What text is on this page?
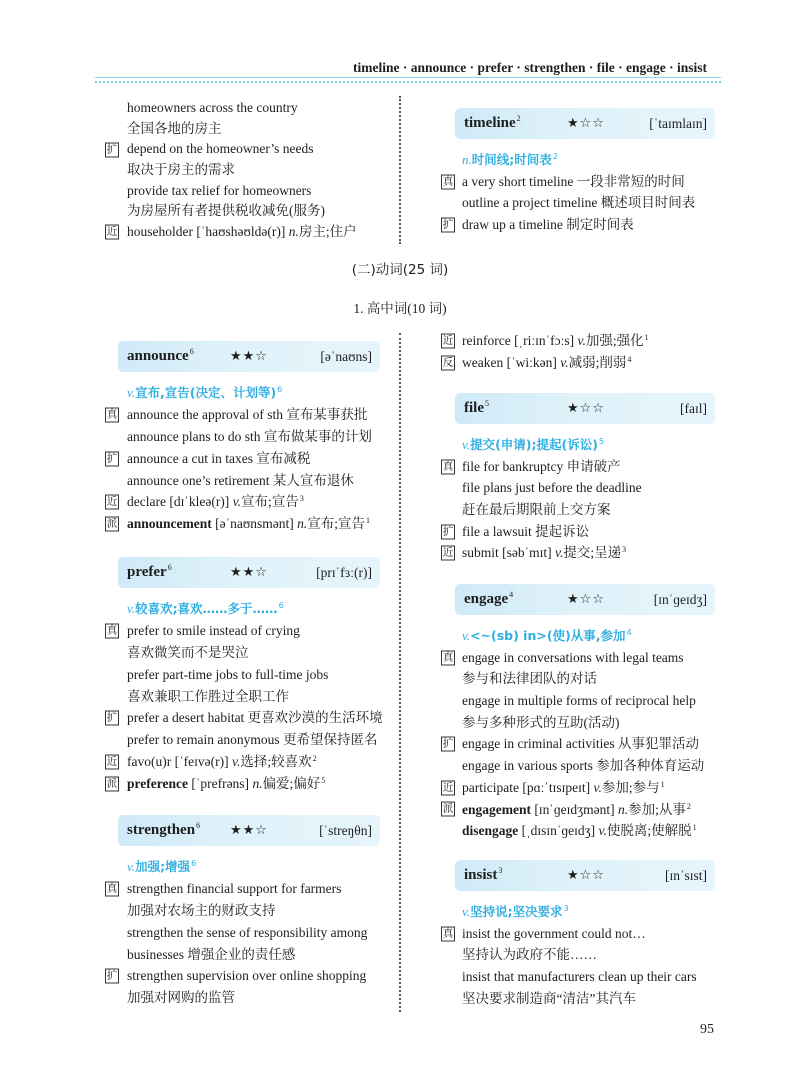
timeline · announce · prefer · strengthen · file · engage · insist
homeowners across the country
全国各地的房主
扩 depend on the homeowner’s needs
取决于房主的需求
provide tax relief for homeowners
为房屋所有者提供税收减免(服务)
近 householder [ˈhaʊshəʊldə(r)] n.房主;住户
timeline$^2$	★☆☆	[ˈtaɪmlaɪn]
n.时间线;时间表$^2$
真 a very short timeline 一段非常短的时间
outline a project timeline 概述项目时间表
扩 draw up a timeline 制定时间表
(二)动词(25 词)
1. 高中词(10 词)
announce$^6$	★★☆	[əˈnaʊns]
v.宣布,宣告(决定、计划等)$^6$
真 announce the approval of sth 宣布某事获批
announce plans to do sth 宣布做某事的计划
扩 announce a cut in taxes 宣布减税
announce one’s retirement 某人宣布退休
近 declare [dɪˈkleə(r)] v.宣布;宣告$^3$
派 announcement [əˈnaʊnsmənt] n.宣布;宣告$^1$
prefer$^6$	★★☆	[prɪˈfɜː(r)]
v.较喜欢;喜欢……多于……$^6$
真 prefer to smile instead of crying
喜欢微笑而不是哭泣
prefer part-time jobs to full-time jobs
喜欢兼职工作胜过全职工作
扩 prefer a desert habitat 更喜欢沙漠的生活环境
prefer to remain anonymous 更希望保持匿名
近 favo(u)r [ˈfeɪvə(r)] v.选择;较喜欢$^2$
派 preference [ˈprefrəns] n.偏爱;偏好$^5$
strengthen$^6$ ★★☆	[ˈstreŋθn]
v.加强;增强$^6$
真 strengthen financial support for farmers
加强对农场主的财政支持
strengthen the sense of responsibility among
businesses 增强企业的责任感
扩 strengthen supervision over online shopping
加强对网购的监管
近 reinforce [ˌriːɪnˈfɔːs] v.加强;强化$^1$
反 weaken [ˈwiːkən] v.减弱;削弱$^4$
file$^5$	★☆☆	[faɪl]
v.提交(申请);提起(诉讼)$^5$
真 file for bankruptcy 申请破产
file plans just before the deadline
赶在最后期限前上交方案
扩 file a lawsuit 提起诉讼
近 submit [səbˈmɪt] v.提交;呈递$^3$
engage$^4$	★☆☆	[ɪnˈɡeɪdʒ]
v.<~(sb) in>(使)从事,参加$^4$
真 engage in conversations with legal teams
参与和法律团队的对话
engage in multiple forms of reciprocal help
参与多种形式的互助(活动)
扩 engage in criminal activities 从事犯罪活动
engage in various sports 参加各种体育运动
近 participate [pɑːˈtɪsɪpeɪt] v.参加;参与$^1$
派 engagement [ɪnˈɡeɪdʒmənt] n.参加;从事$^2$
disengage [ˌdɪsɪnˈɡeɪdʒ] v.使脱离;使解脱$^1$
insist$^3$	★☆☆	[ɪnˈsɪst]
v.坚持说;坚决要求$^3$
真 insist the government could not…
坚持认为政府不能……
insist that manufacturers clean up their cars
坚决要求制造商“清洁”其汽车
95
